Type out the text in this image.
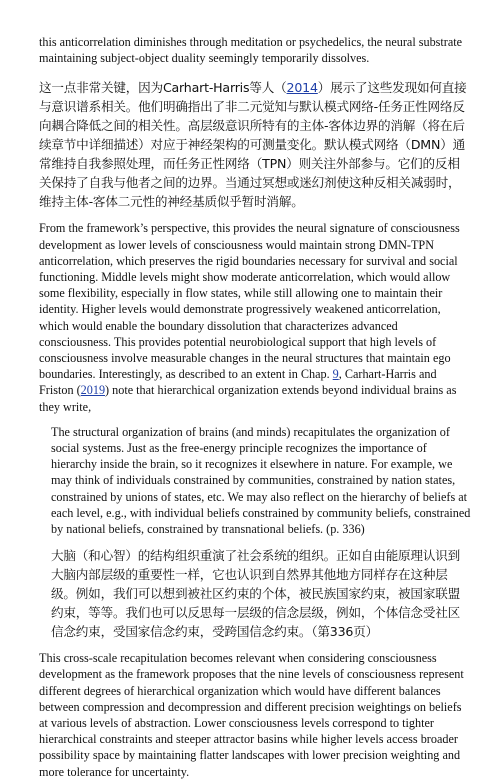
this anticorrelation diminishes through meditation or psychedelics, the neural substrate maintaining subject-object duality seemingly temporarily dissolves.

这一点非常关键，因为Carhart-Harris等人（2014）展示了这些发现如何直接与意识谱系相关。他们明确指出了非二元觉知与默认模式网络-任务正性网络反向耦合降低之间的相关性。高层级意识所特有的主体-客体边界的消解（将在后续章节中详细描述）对应于神经架构的可测量变化。默认模式网络（DMN）通常维持自我参照处理，而任务正性网络（TPN）则关注外部参与。它们的反相关保持了自我与他者之间的边界。当通过冥想或迷幻剂使这种反相关减弱时，维持主体-客体二元性的神经基质似乎暂时消解。

From the framework’s perspective, this provides the neural signature of consciousness development as lower levels of consciousness would maintain strong DMN-TPN anticorrelation, which preserves the rigid boundaries necessary for survival and social functioning. Middle levels might show moderate anticorrelation, which would allow some flexibility, especially in flow states, while still allowing one to maintain their identity. Higher levels would demonstrate progressively weakened anticorrelation, which would enable the boundary dissolution that characterizes advanced consciousness. This provides potential neurobiological support that high levels of consciousness involve measurable changes in the neural structures that maintain ego boundaries. Interestingly, as described to an extent in Chap. 9, Carhart-Harris and Friston (2019) note that hierarchical organization extends beyond individual brains as they write,

The structural organization of brains (and minds) recapitulates the organization of social systems. Just as the free-energy principle recognizes the importance of hierarchy inside the brain, so it recognizes it elsewhere in nature. For example, we may think of individuals constrained by communities, constrained by nation states, constrained by unions of states, etc. We may also reflect on the hierarchy of beliefs at each level, e.g., with individual beliefs constrained by community beliefs, constrained by national beliefs, constrained by transnational beliefs. (p. 336)

大脑（和心智）的结构组织重演了社会系统的组织。正如自由能原理认识到大脑内部层级的重要性一样，它也认识到自然界其他地方同样存在这种层级。例如，我们可以想到被社区约束的个体，被民族国家约束，被国家联盟约束，等等。我们也可以反思每一层级的信念层级，例如，个体信念受社区信念约束，受国家信念约束，受跨国信念约束。（第336页）

This cross-scale recapitulation becomes relevant when considering consciousness development as the framework proposes that the nine levels of consciousness represent different degrees of hierarchical organization which would have different balances between compression and decompression and different precision weightings on beliefs at various levels of abstraction. Lower consciousness levels correspond to tighter hierarchical constraints and steeper attractor basins while higher levels access broader possibility space by maintaining flatter landscapes with lower precision weighting and more tolerance for uncertainty.
